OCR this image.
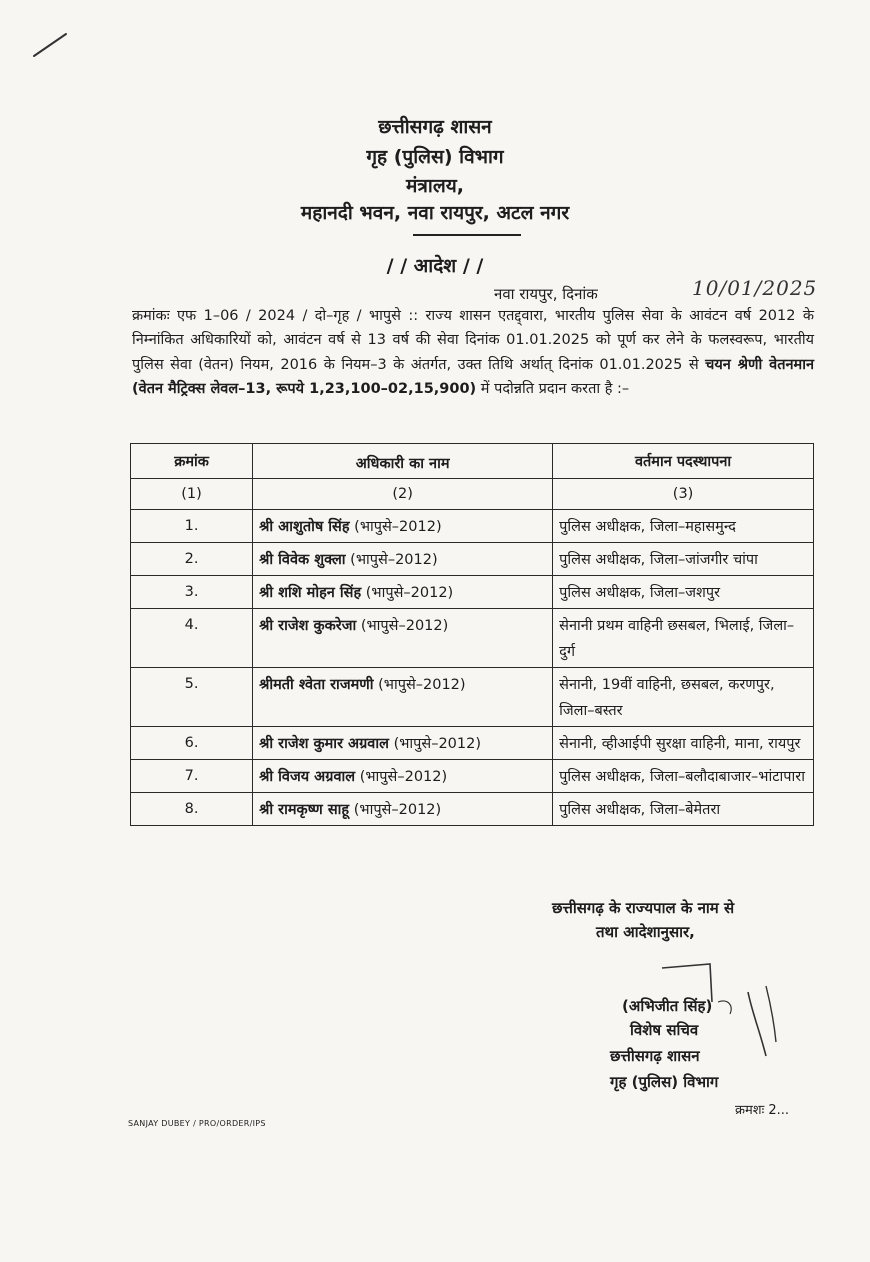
छत्तीसगढ़ शासन
गृह (पुलिस) विभाग
मंत्रालय,
महानदी भवन, नवा रायपुर, अटल नगर
/ / आदेश / /
नवा रायपुर, दिनांक	10/01/2025
क्रमांकः एफ 1–06 / 2024 / दो–गृह / भापुसे :: राज्य शासन एतद्द्वारा, भारतीय पुलिस सेवा के आवंटन वर्ष 2012 के निम्नांकित अधिकारियों को, आवंटन वर्ष से 13 वर्ष की सेवा दिनांक 01.01.2025 को पूर्ण कर लेने के फलस्वरूप, भारतीय पुलिस सेवा (वेतन) नियम, 2016 के नियम–3 के अंतर्गत, उक्त तिथि अर्थात् दिनांक 01.01.2025 से चयन श्रेणी वेतनमान (वेतन मैट्रिक्स लेवल–13, रूपये 1,23,100–02,15,900) में पदोन्नति प्रदान करता है :–
क्रमांक	अधिकारी का नाम	वर्तमान पदस्थापना
(1)	(2)	(3)
1.	श्री आशुतोष सिंह (भापुसे–2012)	पुलिस अधीक्षक, जिला–महासमुन्द
2.	श्री विवेक शुक्ला (भापुसे–2012)	पुलिस अधीक्षक, जिला–जांजगीर चांपा
3.	श्री शशि मोहन सिंह (भापुसे–2012)	पुलिस अधीक्षक, जिला–जशपुर
4.	श्री राजेश कुकरेजा (भापुसे–2012)	सेनानी प्रथम वाहिनी छसबल, भिलाई, जिला–दुर्ग
5.	श्रीमती श्वेता राजमणी (भापुसे–2012)	सेनानी, 19वीं वाहिनी, छसबल, करणपुर, जिला–बस्तर
6.	श्री राजेश कुमार अग्रवाल (भापुसे–2012)	सेनानी, व्हीआईपी सुरक्षा वाहिनी, माना, रायपुर
7.	श्री विजय अग्रवाल (भापुसे–2012)	पुलिस अधीक्षक, जिला–बलौदाबाजार–भांटापारा
8.	श्री रामकृष्ण साहू (भापुसे–2012)	पुलिस अधीक्षक, जिला–बेमेतरा
छत्तीसगढ़ के राज्यपाल के नाम से
तथा आदेशानुसार,
(अभिजीत सिंह)
विशेष सचिव
छत्तीसगढ़ शासन
गृह (पुलिस) विभाग
क्रमशः 2...
SANJAY DUBEY / PRO/ORDER/IPS
